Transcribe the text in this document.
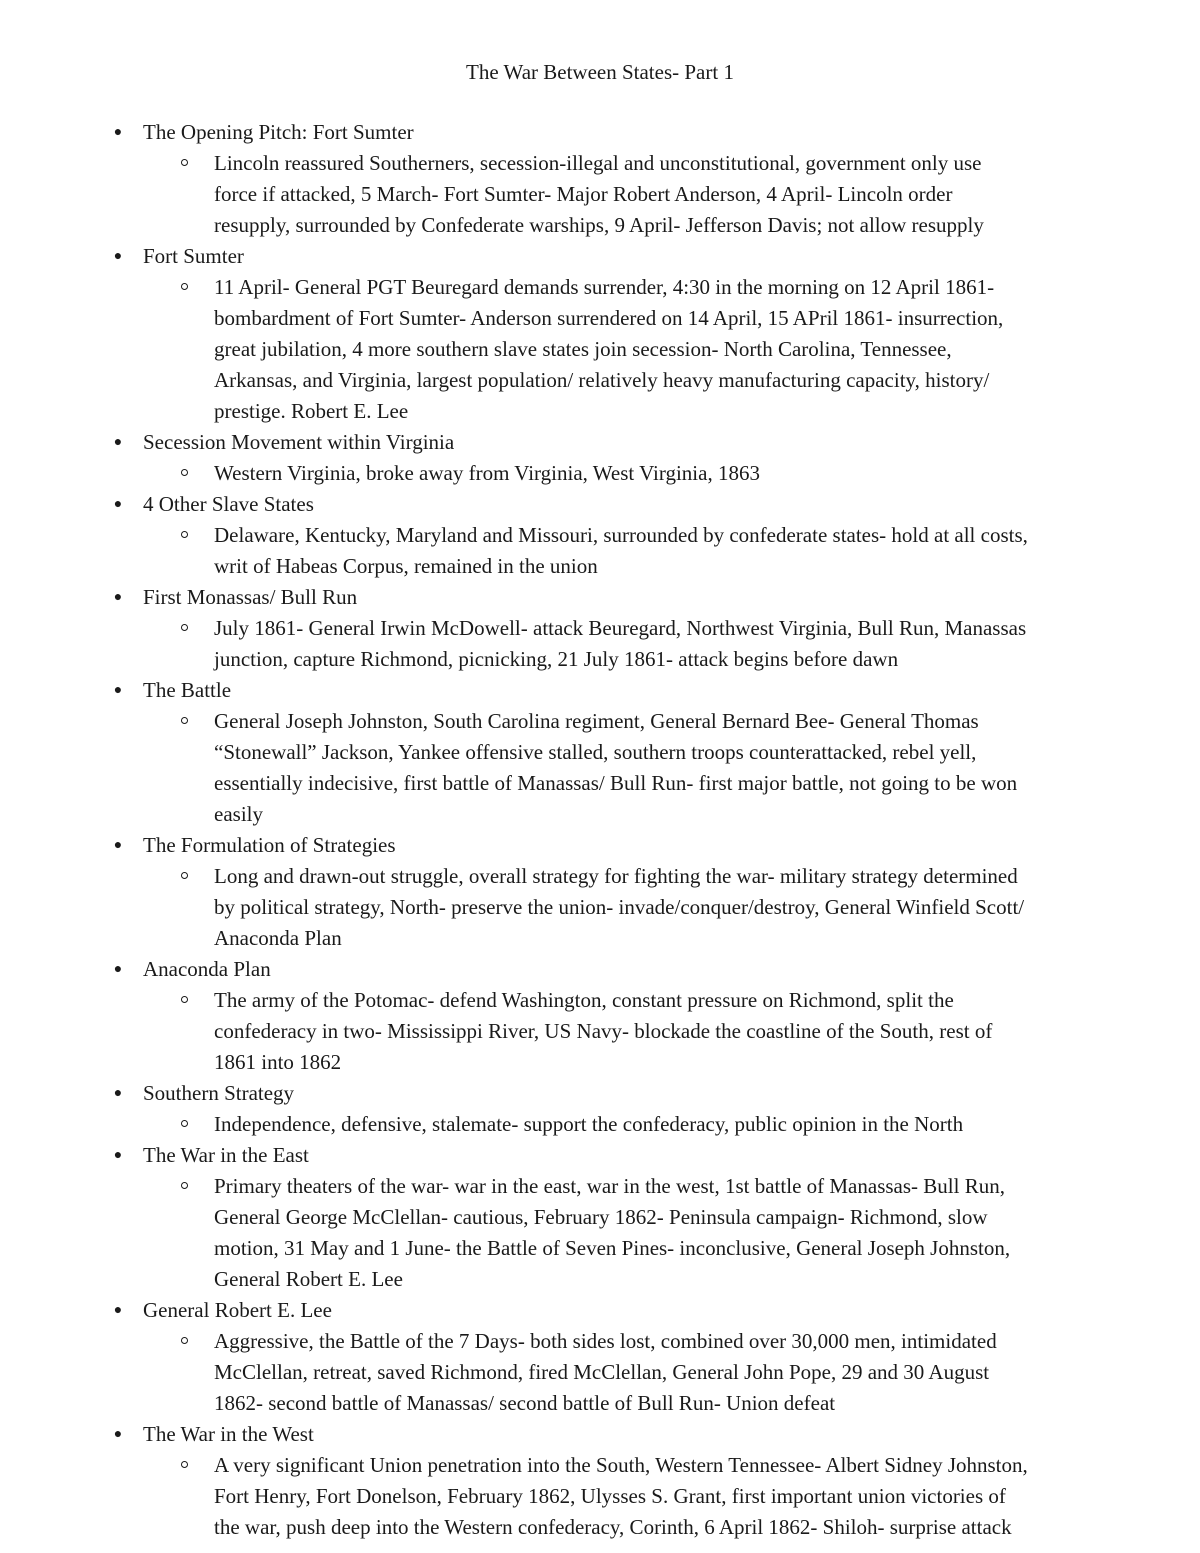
The War Between States- Part 1
● The Opening Pitch: Fort Sumter
Lincoln reassured Southerners, secession-illegal and unconstitutional, government only use
force if attacked, 5 March- Fort Sumter- Major Robert Anderson, 4 April- Lincoln order
resupply, surrounded by Confederate warships, 9 April- Jefferson Davis; not allow resupply
● Fort Sumter
11 April- General PGT Beuregard demands surrender, 4:30 in the morning on 12 April 1861-
bombardment of Fort Sumter- Anderson surrendered on 14 April, 15 APril 1861- insurrection,
great jubilation, 4 more southern slave states join secession- North Carolina, Tennessee,
Arkansas, and Virginia, largest population/ relatively heavy manufacturing capacity, history/
prestige. Robert E. Lee
● Secession Movement within Virginia
Western Virginia, broke away from Virginia, West Virginia, 1863
● 4 Other Slave States
Delaware, Kentucky, Maryland and Missouri, surrounded by confederate states- hold at all costs,
writ of Habeas Corpus, remained in the union
● First Monassas/ Bull Run
July 1861- General Irwin McDowell- attack Beuregard, Northwest Virginia, Bull Run, Manassas
junction, capture Richmond, picnicking, 21 July 1861- attack begins before dawn
● The Battle
General Joseph Johnston, South Carolina regiment, General Bernard Bee- General Thomas
“Stonewall” Jackson, Yankee offensive stalled, southern troops counterattacked, rebel yell,
essentially indecisive, first battle of Manassas/ Bull Run- first major battle, not going to be won
easily
● The Formulation of Strategies
Long and drawn-out struggle, overall strategy for fighting the war- military strategy determined
by political strategy, North- preserve the union- invade/conquer/destroy, General Winfield Scott/
Anaconda Plan
● Anaconda Plan
The army of the Potomac- defend Washington, constant pressure on Richmond, split the
confederacy in two- Mississippi River, US Navy- blockade the coastline of the South, rest of
1861 into 1862
● Southern Strategy
Independence, defensive, stalemate- support the confederacy, public opinion in the North
● The War in the East
Primary theaters of the war- war in the east, war in the west, 1st battle of Manassas- Bull Run,
General George McClellan- cautious, February 1862- Peninsula campaign- Richmond, slow
motion, 31 May and 1 June- the Battle of Seven Pines- inconclusive, General Joseph Johnston,
General Robert E. Lee
● General Robert E. Lee
Aggressive, the Battle of the 7 Days- both sides lost, combined over 30,000 men, intimidated
McClellan, retreat, saved Richmond, fired McClellan, General John Pope, 29 and 30 August
1862- second battle of Manassas/ second battle of Bull Run- Union defeat
● The War in the West
A very significant Union penetration into the South, Western Tennessee- Albert Sidney Johnston,
Fort Henry, Fort Donelson, February 1862, Ulysses S. Grant, first important union victories of
the war, push deep into the Western confederacy, Corinth, 6 April 1862- Shiloh- surprise attack
